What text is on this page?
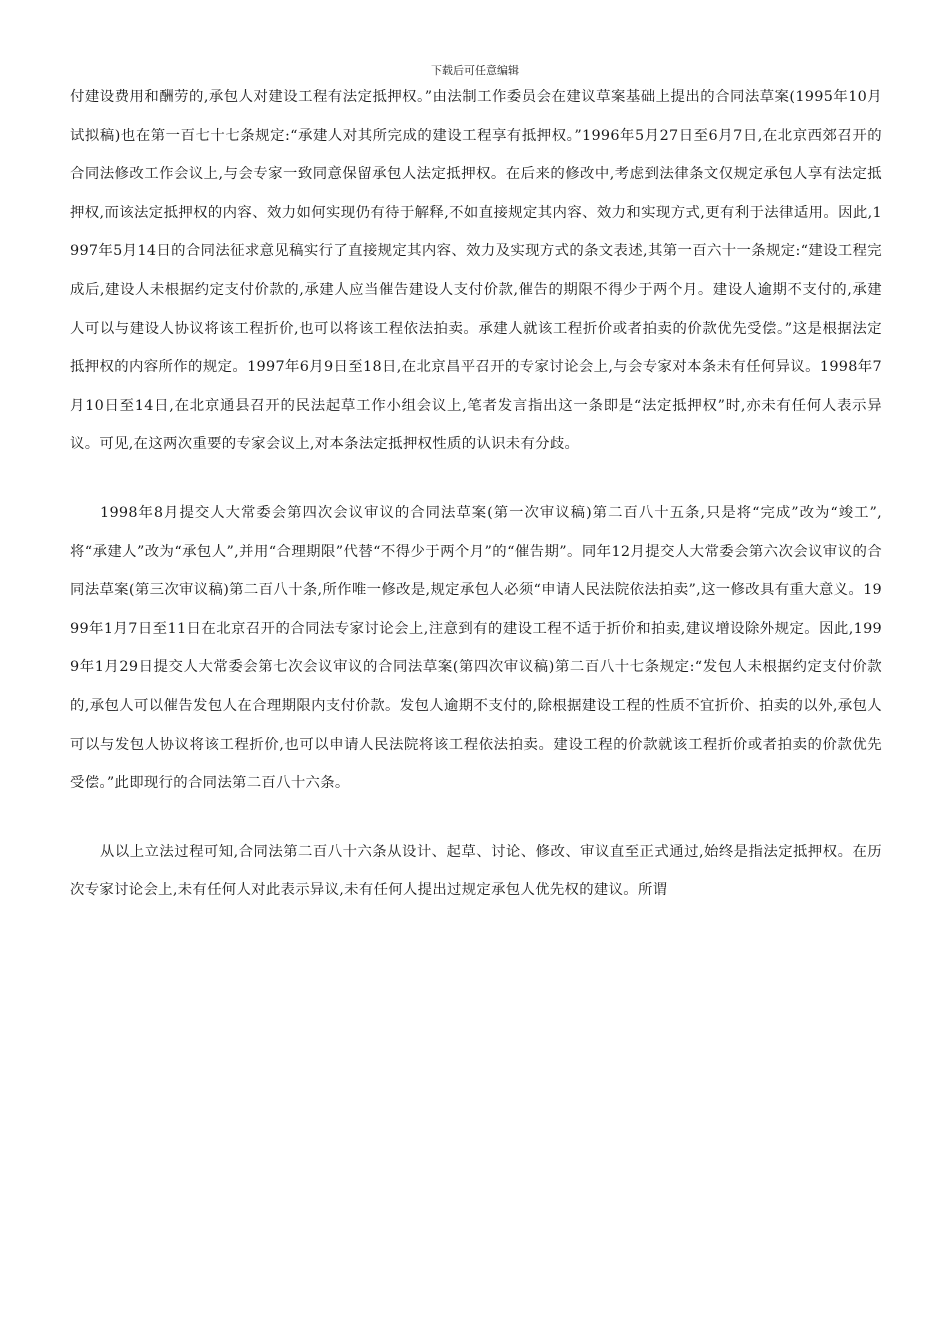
下载后可任意编辑

付建设费用和酬劳的,承包人对建设工程有法定抵押权。”由法制工作委员会在建议草案基础上提出的合同法草案(1995年10月试拟稿)也在第一百七十七条规定:“承建人对其所完成的建设工程享有抵押权。”1996年5月27日至6月7日,在北京西郊召开的合同法修改工作会议上,与会专家一致同意保留承包人法定抵押权。在后来的修改中,考虑到法律条文仅规定承包人享有法定抵押权,而该法定抵押权的内容、效力如何实现仍有待于解释,不如直接规定其内容、效力和实现方式,更有利于法律适用。因此,1997年5月14日的合同法征求意见稿实行了直接规定其内容、效力及实现方式的条文表述,其第一百六十一条规定:“建设工程完成后,建设人未根据约定支付价款的,承建人应当催告建设人支付价款,催告的期限不得少于两个月。建设人逾期不支付的,承建人可以与建设人协议将该工程折价,也可以将该工程依法拍卖。承建人就该工程折价或者拍卖的价款优先受偿。”这是根据法定抵押权的内容所作的规定。1997年6月9日至18日,在北京昌平召开的专家讨论会上,与会专家对本条未有任何异议。1998年7月10日至14日,在北京通县召开的民法起草工作小组会议上,笔者发言指出这一条即是“法定抵押权”时,亦未有任何人表示异议。可见,在这两次重要的专家会议上,对本条法定抵押权性质的认识未有分歧。

1998年8月提交人大常委会第四次会议审议的合同法草案(第一次审议稿)第二百八十五条,只是将“完成”改为“竣工”,将“承建人”改为“承包人”,并用“合理期限”代替“不得少于两个月”的“催告期”。同年12月提交人大常委会第六次会议审议的合同法草案(第三次审议稿)第二百八十条,所作唯一修改是,规定承包人必须“申请人民法院依法拍卖”,这一修改具有重大意义。1999年1月7日至11日在北京召开的合同法专家讨论会上,注意到有的建设工程不适于折价和拍卖,建议增设除外规定。因此,1999年1月29日提交人大常委会第七次会议审议的合同法草案(第四次审议稿)第二百八十七条规定:“发包人未根据约定支付价款的,承包人可以催告发包人在合理期限内支付价款。发包人逾期不支付的,除根据建设工程的性质不宜折价、拍卖的以外,承包人可以与发包人协议将该工程折价,也可以申请人民法院将该工程依法拍卖。建设工程的价款就该工程折价或者拍卖的价款优先受偿。”此即现行的合同法第二百八十六条。

从以上立法过程可知,合同法第二百八十六条从设计、起草、讨论、修改、审议直至正式通过,始终是指法定抵押权。在历次专家讨论会上,未有任何人对此表示异议,未有任何人提出过规定承包人优先权的建议。所谓
